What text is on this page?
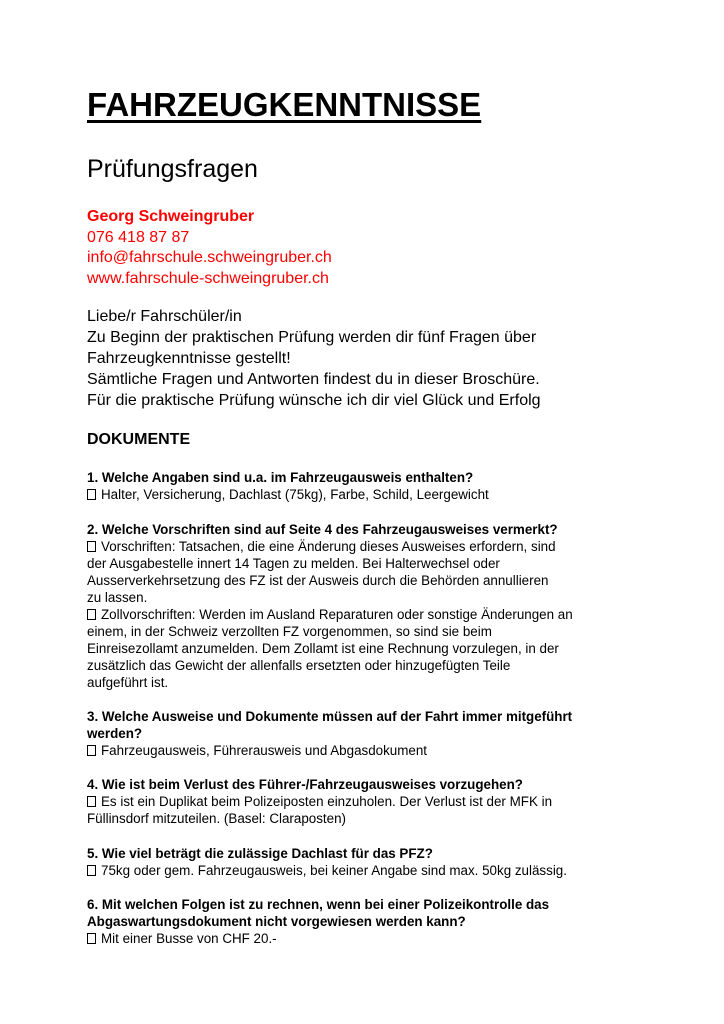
FAHRZEUGKENNTNISSE
Prüfungsfragen
Georg Schweingruber
076 418 87 87
info@fahrschule.schweingruber.ch
www.fahrschule-schweingruber.ch
Liebe/r Fahrschüler/in
Zu Beginn der praktischen Prüfung werden dir fünf Fragen über
Fahrzeugkenntnisse gestellt!
Sämtliche Fragen und Antworten findest du in dieser Broschüre.
Für die praktische Prüfung wünsche ich dir viel Glück und Erfolg
DOKUMENTE
1. Welche Angaben sind u.a. im Fahrzeugausweis enthalten?
Halter, Versicherung, Dachlast (75kg), Farbe, Schild, Leergewicht
2. Welche Vorschriften sind auf Seite 4 des Fahrzeugausweises vermerkt?
Vorschriften: Tatsachen, die eine Änderung dieses Ausweises erfordern, sind
der Ausgabestelle innert 14 Tagen zu melden. Bei Halterwechsel oder
Ausserverkehrsetzung des FZ ist der Ausweis durch die Behörden annullieren
zu lassen.
Zollvorschriften: Werden im Ausland Reparaturen oder sonstige Änderungen an
einem, in der Schweiz verzollten FZ vorgenommen, so sind sie beim
Einreisezollamt anzumelden. Dem Zollamt ist eine Rechnung vorzulegen, in der
zusätzlich das Gewicht der allenfalls ersetzten oder hinzugefügten Teile
aufgeführt ist.
3. Welche Ausweise und Dokumente müssen auf der Fahrt immer mitgeführt
werden?
Fahrzeugausweis, Führerausweis und Abgasdokument
4. Wie ist beim Verlust des Führer-/Fahrzeugausweises vorzugehen?
Es ist ein Duplikat beim Polizeiposten einzuholen. Der Verlust ist der MFK in
Füllinsdorf mitzuteilen. (Basel: Claraposten)
5. Wie viel beträgt die zulässige Dachlast für das PFZ?
75kg oder gem. Fahrzeugausweis, bei keiner Angabe sind max. 50kg zulässig.
6. Mit welchen Folgen ist zu rechnen, wenn bei einer Polizeikontrolle das
Abgaswartungsdokument nicht vorgewiesen werden kann?
Mit einer Busse von CHF 20.-
